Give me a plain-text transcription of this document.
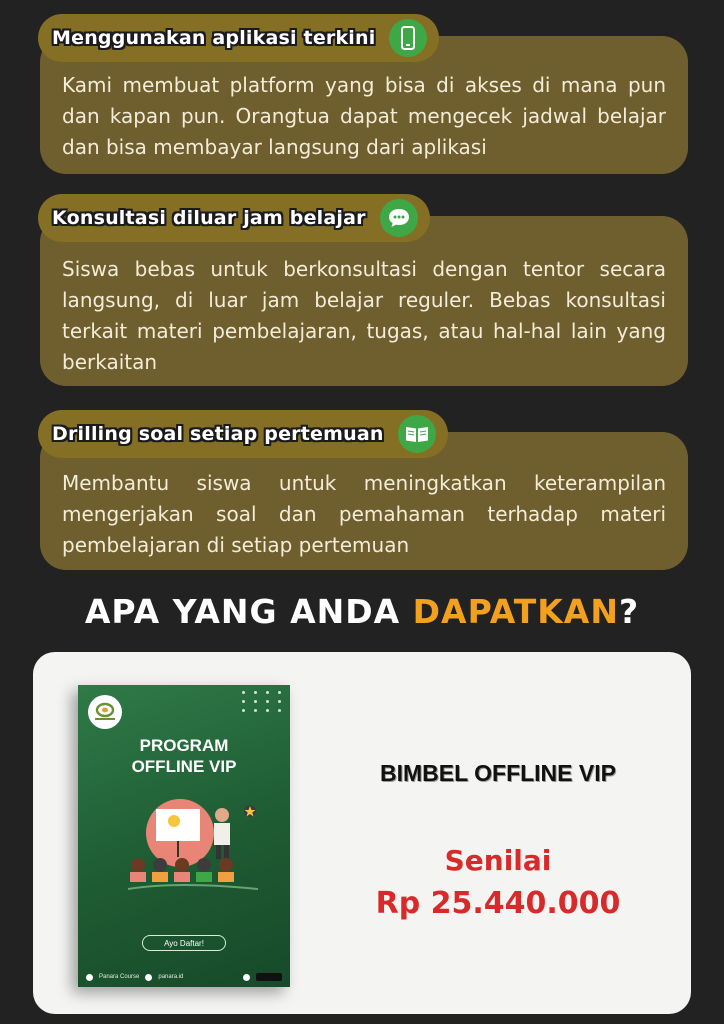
Kami membuat platform yang bisa di akses di mana pun dan kapan pun. Orangtua dapat mengecek jadwal belajar dan bisa membayar langsung dari aplikasi

Menggunakan aplikasi terkini

Siswa bebas untuk berkonsultasi dengan tentor secara langsung, di luar jam belajar reguler. Bebas konsultasi terkait materi pembelajaran, tugas, atau hal-hal lain yang berkaitan

Konsultasi diluar jam belajar

Membantu siswa untuk meningkatkan keterampilan mengerjakan soal dan pemahaman terhadap materi pembelajaran di setiap pertemuan

Drilling soal setiap pertemuan
APA YANG ANDA DAPATKAN?
PROGRAM
OFFLINE VIP
Ayo Daftar!
Panara Course	panara.id
BIMBEL OFFLINE VIP
Senilai
Rp 25.440.000
